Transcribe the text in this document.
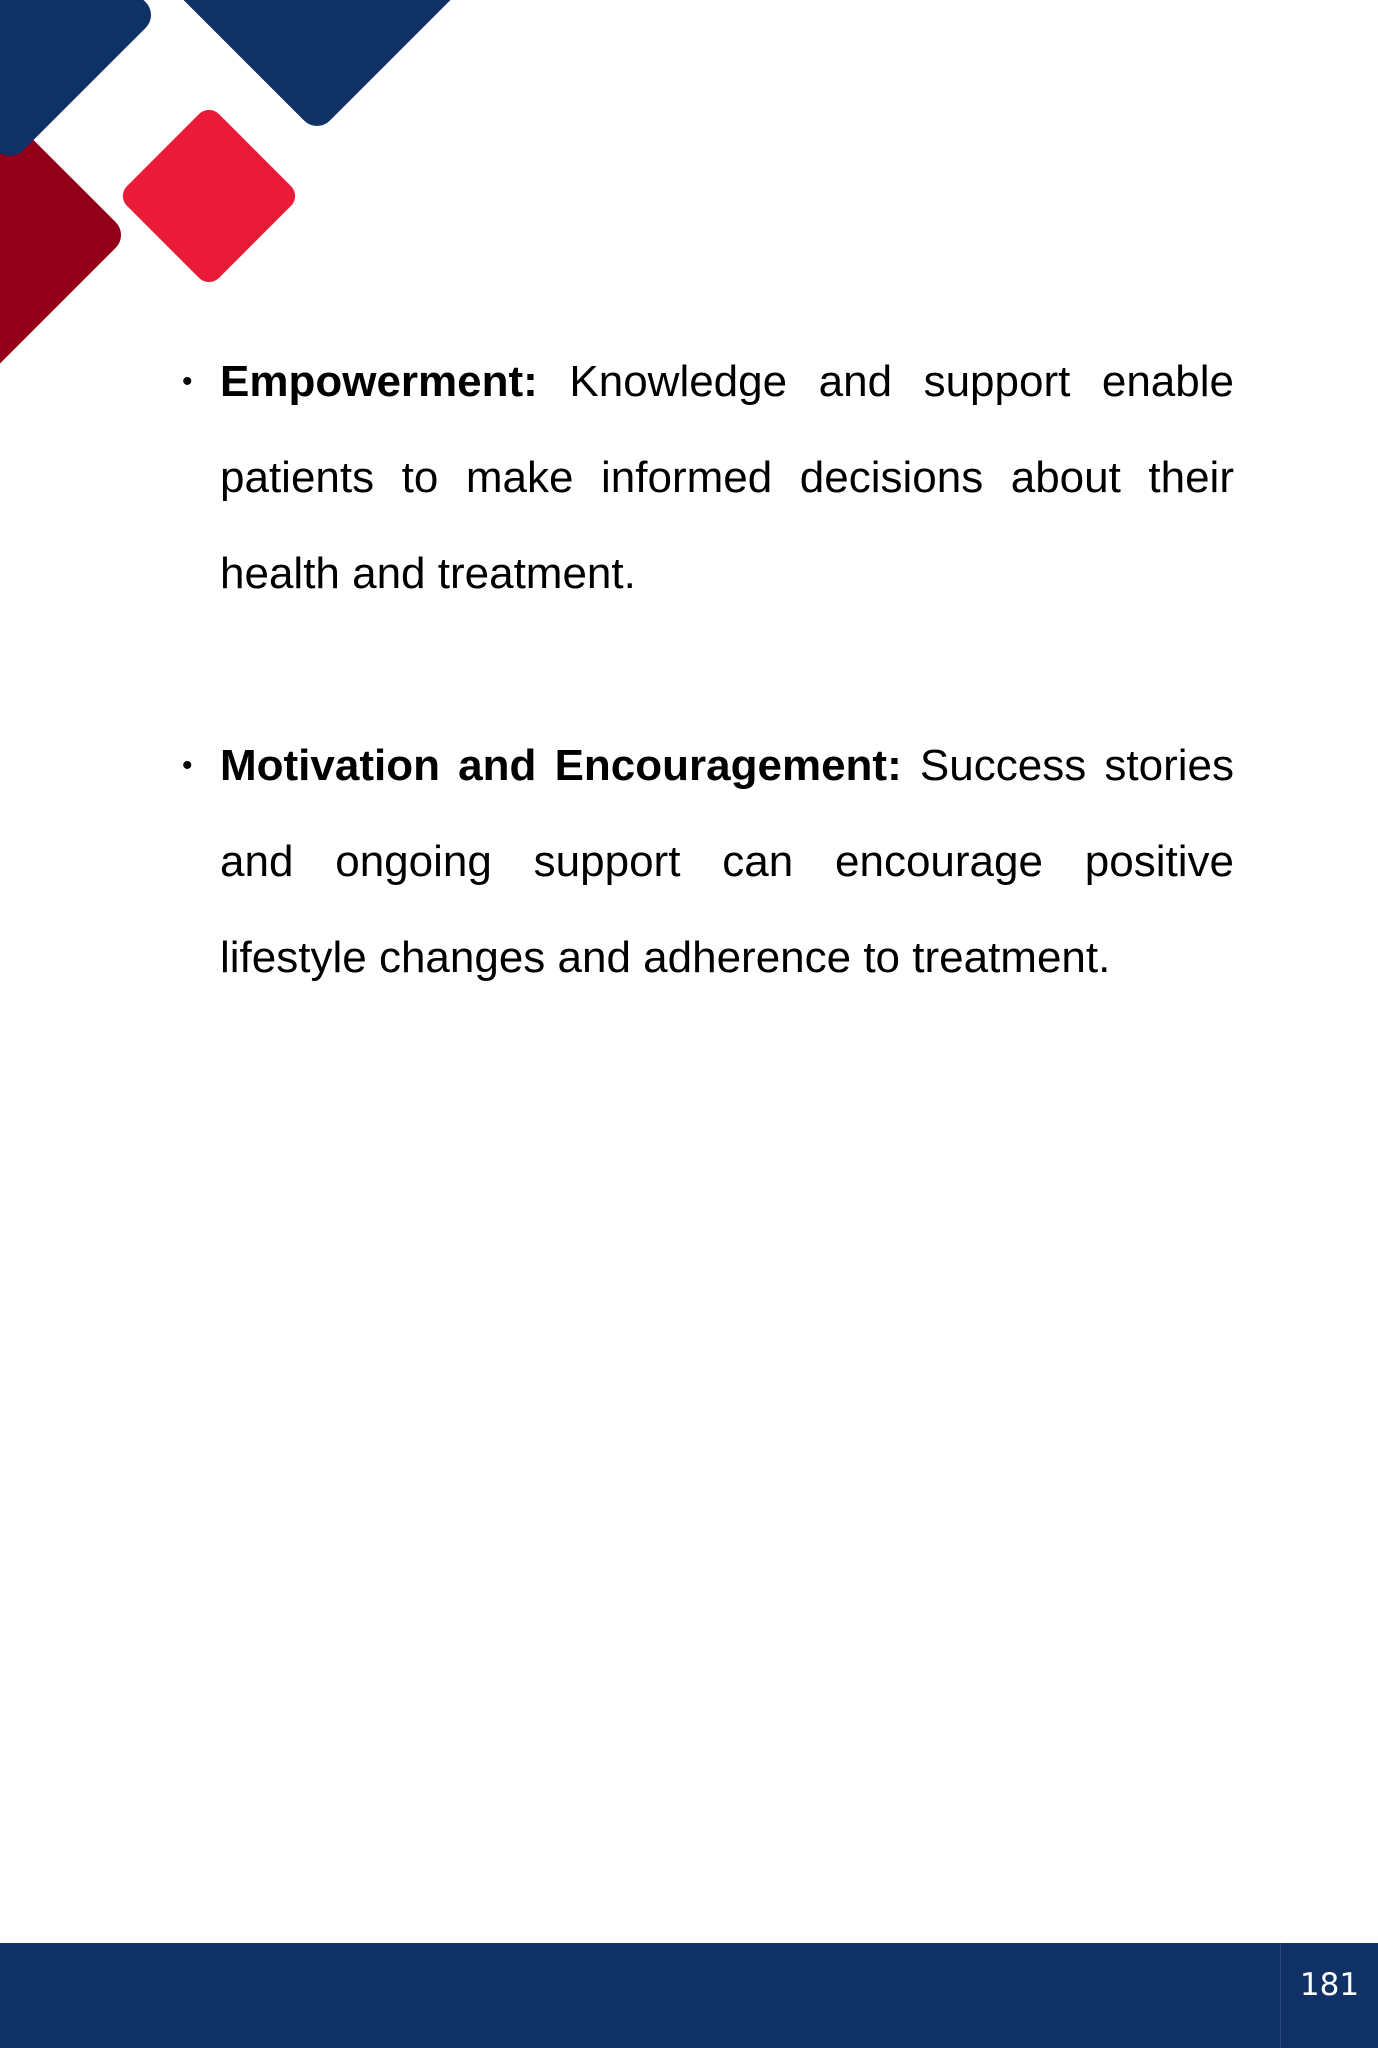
• Empowerment: Knowledge and support enable patients to make informed decisions about their health and treatment.
• Motivation and Encouragement: Success stories and ongoing support can encourage positive lifestyle changes and adherence to treatment.
181
